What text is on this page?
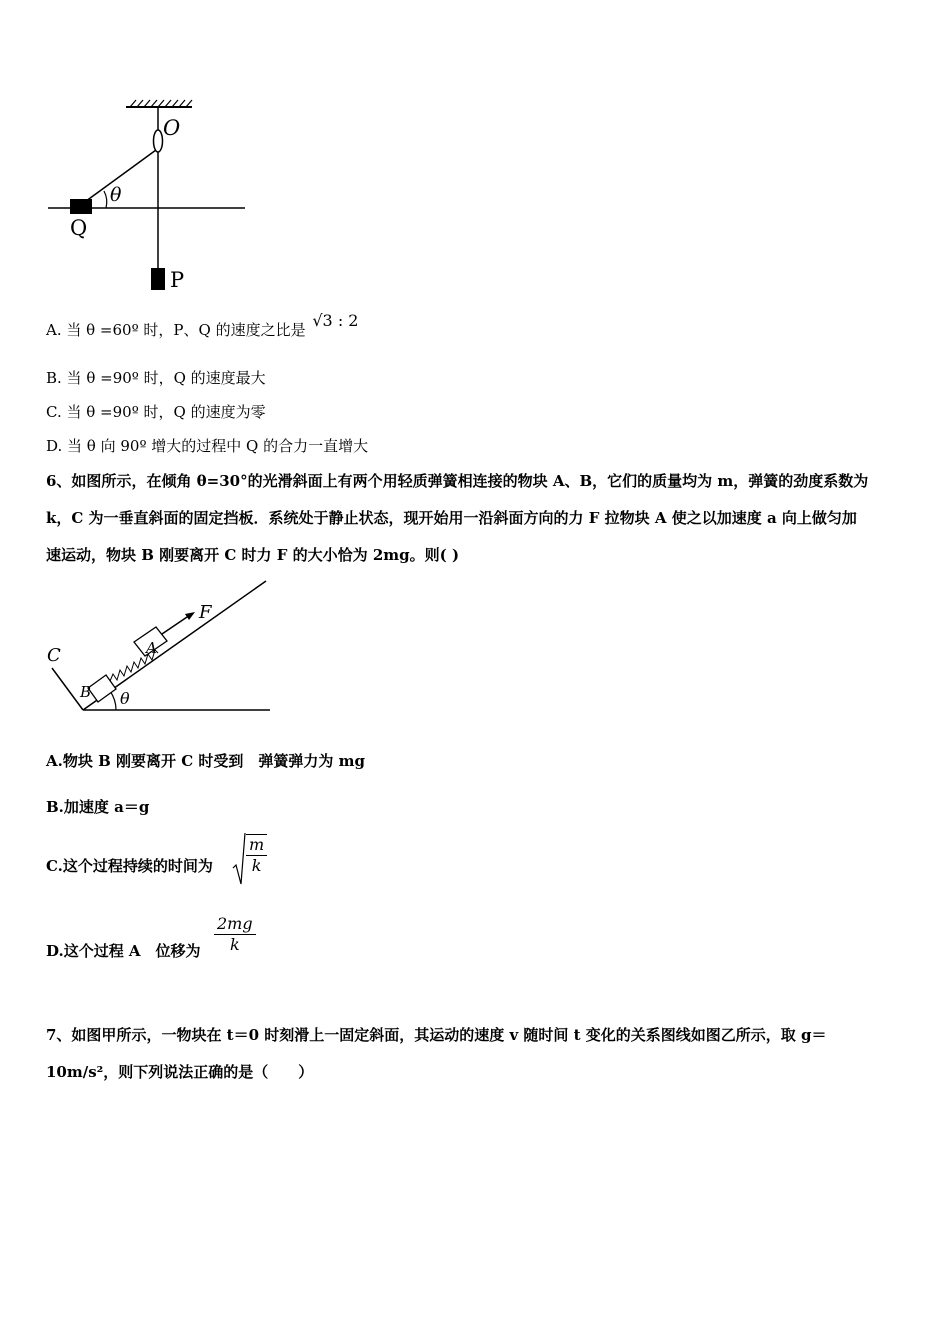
O
θ
Q
P
A. 当 θ =60º 时，P、Q 的速度之比是 √3 : 2
B. 当 θ =90º 时，Q 的速度最大
C. 当 θ =90º 时，Q 的速度为零
D. 当 θ 向 90º 增大的过程中 Q 的合力一直增大
6、如图所示，在倾角 θ=30°的光滑斜面上有两个用轻质弹簧相连接的物块 A、B，它们的质量均为 m，弹簧的劲度系数为
k，C 为一垂直斜面的固定挡板．系统处于静止状态，现开始用一沿斜面方向的力 F 拉物块 A 使之以加速度 a 向上做匀加
速运动，物块 B 刚要离开 C 时力 F 的大小恰为 2mg。则( )
C
B
A
F
θ
A.物块 B 刚要离开 C 时受到　弹簧弹力为 mg
B.加速度 a＝g
C.这个过程持续的时间为 $\frac{m}{k}$
D.这个过程 A　位移为 $\frac{2mg}{k}$
7、如图甲所示，一物块在 t＝0 时刻滑上一固定斜面，其运动的速度 v 随时间 t 变化的关系图线如图乙所示，取 g＝
10m/s²，则下列说法正确的是（　　）
